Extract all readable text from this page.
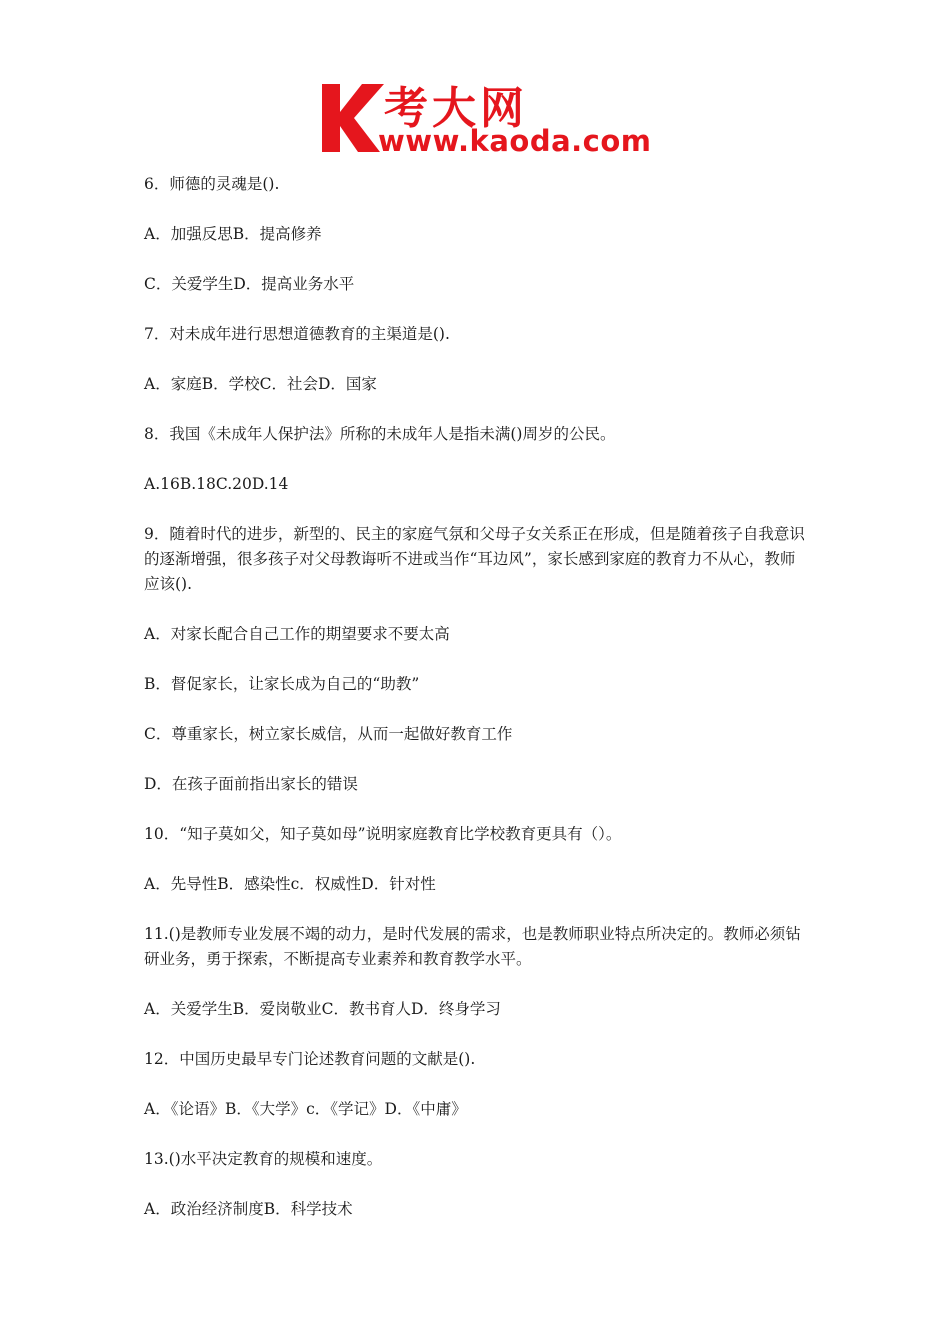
考大网
www.kaoda.com

6．师德的灵魂是().

A．加强反思B．提高修养

C．关爱学生D．提高业务水平

7．对未成年进行思想道德教育的主渠道是().

A．家庭B．学校C．社会D．国家

8．我国《未成年人保护法》所称的未成年人是指未满()周岁的公民。

A.16B.18C.20D.14

9．随着时代的进步，新型的、民主的家庭气氛和父母子女关系正在形成，但是随着孩子自我意识的逐渐增强，很多孩子对父母教诲听不进或当作“耳边风”，家长感到家庭的教育力不从心，教师应该().

A．对家长配合自己工作的期望要求不要太高

B．督促家长，让家长成为自己的“助教”

C．尊重家长，树立家长威信，从而一起做好教育工作

D．在孩子面前指出家长的错误

10．“知子莫如父，知子莫如母”说明家庭教育比学校教育更具有（）。

A．先导性B．感染性c．权威性D．针对性

11.()是教师专业发展不竭的动力，是时代发展的需求，也是教师职业特点所决定的。教师必须钻研业务，勇于探索，不断提高专业素养和教育教学水平。

A．关爱学生B．爱岗敬业C．教书育人D．终身学习

12．中国历史最早专门论述教育问题的文献是().

A．《论语》B．《大学》c．《学记》D．《中庸》

13.()水平决定教育的规模和速度。

A．政治经济制度B．科学技术
